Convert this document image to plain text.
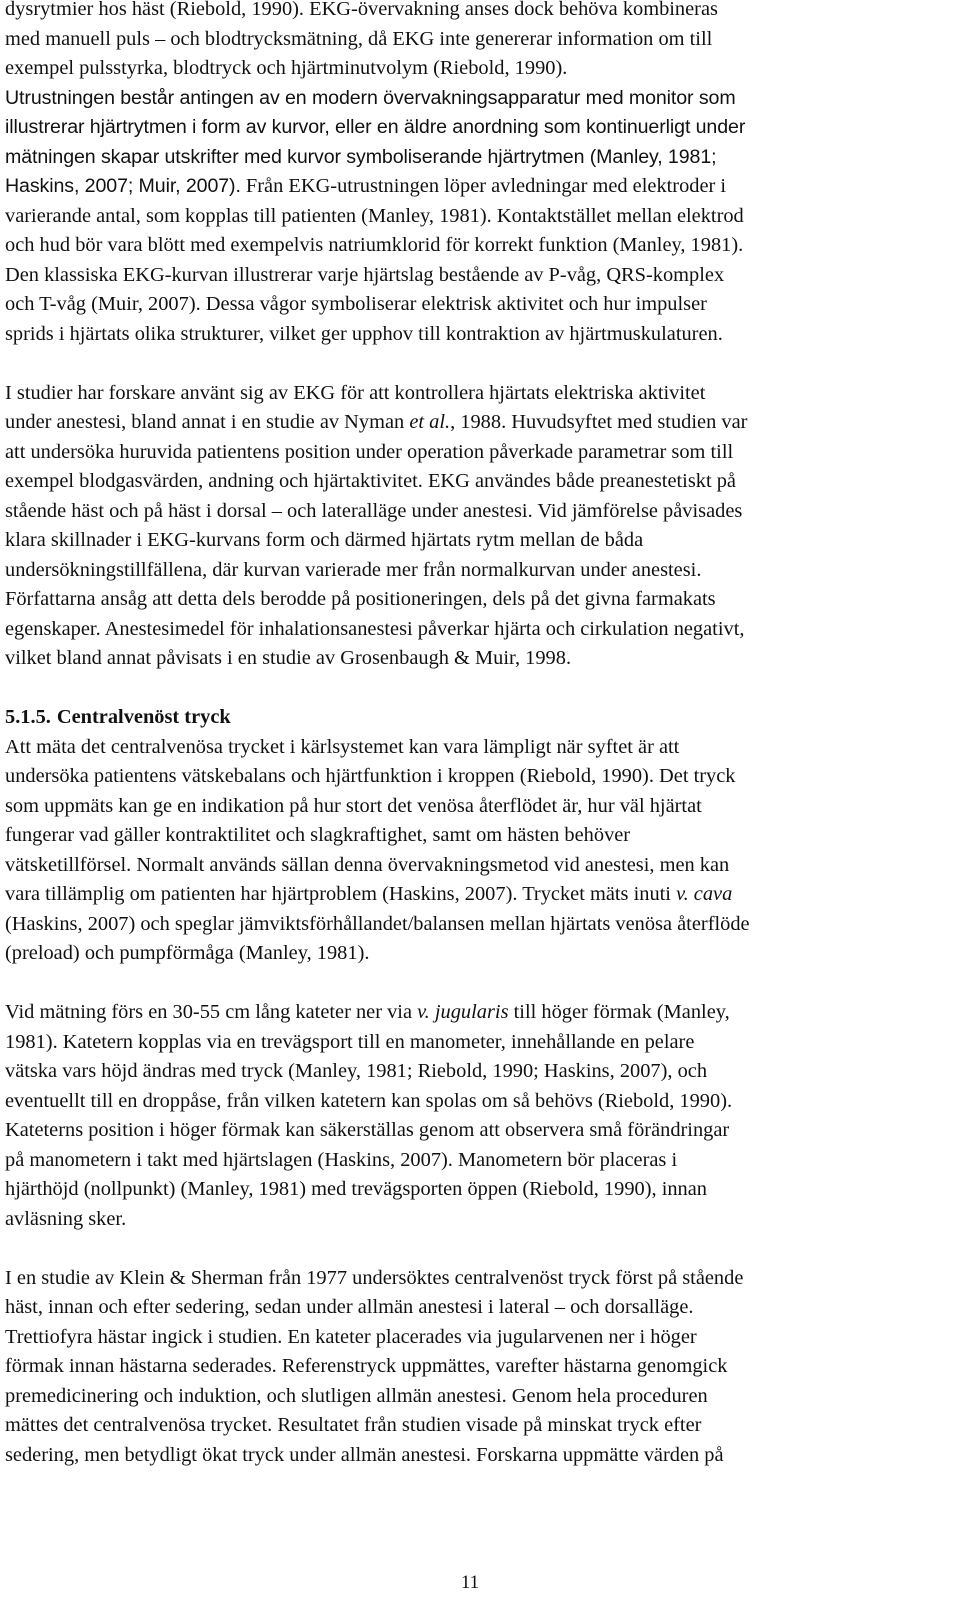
dysrytmier hos häst (Riebold, 1990). EKG-övervakning anses dock behöva kombineras
med manuell puls – och blodtrycksmätning, då EKG inte genererar information om till
exempel pulsstyrka, blodtryck och hjärtminutvolym (Riebold, 1990).
Utrustningen består antingen av en modern övervakningsapparatur med monitor som
illustrerar hjärtrytmen i form av kurvor, eller en äldre anordning som kontinuerligt under
mätningen skapar utskrifter med kurvor symboliserande hjärtrytmen (Manley, 1981;
Haskins, 2007; Muir, 2007). Från EKG-utrustningen löper avledningar med elektroder i
varierande antal, som kopplas till patienten (Manley, 1981). Kontaktstället mellan elektrod
och hud bör vara blött med exempelvis natriumklorid för korrekt funktion (Manley, 1981).
Den klassiska EKG-kurvan illustrerar varje hjärtslag bestående av P-våg, QRS-komplex
och T-våg (Muir, 2007). Dessa vågor symboliserar elektrisk aktivitet och hur impulser
sprids i hjärtats olika strukturer, vilket ger upphov till kontraktion av hjärtmuskulaturen.
I studier har forskare använt sig av EKG för att kontrollera hjärtats elektriska aktivitet
under anestesi, bland annat i en studie av Nyman et al., 1988. Huvudsyftet med studien var
att undersöka huruvida patientens position under operation påverkade parametrar som till
exempel blodgasvärden, andning och hjärtaktivitet. EKG användes både preanestetiskt på
stående häst och på häst i dorsal – och lateralläge under anestesi. Vid jämförelse påvisades
klara skillnader i EKG-kurvans form och därmed hjärtats rytm mellan de båda
undersökningstillfällena, där kurvan varierade mer från normalkurvan under anestesi.
Författarna ansåg att detta dels berodde på positioneringen, dels på det givna farmakats
egenskaper. Anestesimedel för inhalationsanestesi påverkar hjärta och cirkulation negativt,
vilket bland annat påvisats i en studie av Grosenbaugh & Muir, 1998.
5.1.5. Centralvenöst tryck
Att mäta det centralvenösa trycket i kärlsystemet kan vara lämpligt när syftet är att
undersöka patientens vätskebalans och hjärtfunktion i kroppen (Riebold, 1990). Det tryck
som uppmäts kan ge en indikation på hur stort det venösa återflödet är, hur väl hjärtat
fungerar vad gäller kontraktilitet och slagkraftighet, samt om hästen behöver
vätsketillförsel. Normalt används sällan denna övervakningsmetod vid anestesi, men kan
vara tillämplig om patienten har hjärtproblem (Haskins, 2007). Trycket mäts inuti v. cava
(Haskins, 2007) och speglar jämviktsförhållandet/balansen mellan hjärtats venösa återflöde
(preload) och pumpförmåga (Manley, 1981).
Vid mätning förs en 30-55 cm lång kateter ner via v. jugularis till höger förmak (Manley,
1981). Katetern kopplas via en trevägsport till en manometer, innehållande en pelare
vätska vars höjd ändras med tryck (Manley, 1981; Riebold, 1990; Haskins, 2007), och
eventuellt till en droppåse, från vilken katetern kan spolas om så behövs (Riebold, 1990).
Kateterns position i höger förmak kan säkerställas genom att observera små förändringar
på manometern i takt med hjärtslagen (Haskins, 2007). Manometern bör placeras i
hjärthöjd (nollpunkt) (Manley, 1981) med trevägsporten öppen (Riebold, 1990), innan
avläsning sker.
I en studie av Klein & Sherman från 1977 undersöktes centralvenöst tryck först på stående
häst, innan och efter sedering, sedan under allmän anestesi i lateral – och dorsalläge.
Trettiofyra hästar ingick i studien. En kateter placerades via jugularvenen ner i höger
förmak innan hästarna sederades. Referenstryck uppmättes, varefter hästarna genomgick
premedicinering och induktion, och slutligen allmän anestesi. Genom hela proceduren
mättes det centralvenösa trycket. Resultatet från studien visade på minskat tryck efter
sedering, men betydligt ökat tryck under allmän anestesi. Forskarna uppmätte värden på
11
